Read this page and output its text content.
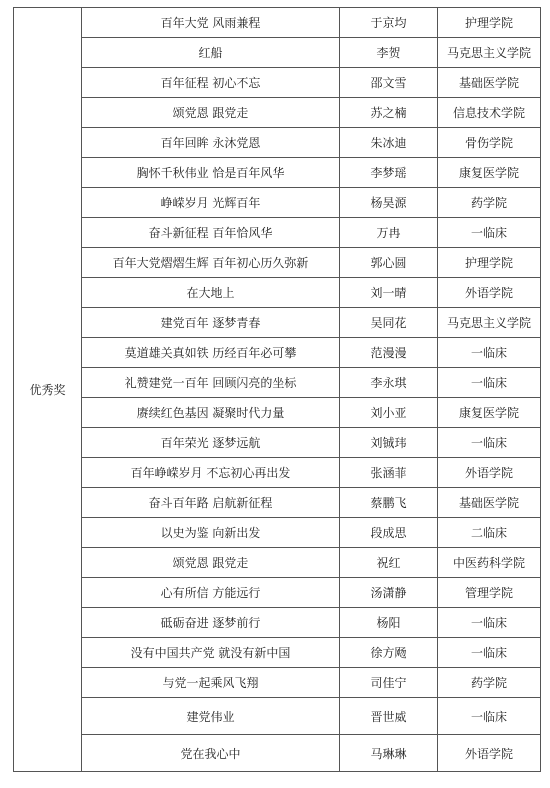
优秀奖	百年大党 风雨兼程	于京均	护理学院
	红船	李贺	马克思主义学院
	百年征程 初心不忘	邵文雪	基础医学院
	颂党恩 跟党走	苏之楠	信息技术学院
	百年回眸 永沐党恩	朱冰迪	骨伤学院
	胸怀千秋伟业 恰是百年风华	李梦瑶	康复医学院
	峥嵘岁月 光辉百年	杨昊源	药学院
	奋斗新征程 百年恰风华	万冉	一临床
	百年大党熠熠生辉 百年初心历久弥新	郭心圆	护理学院
	在大地上	刘一晴	外语学院
	建党百年 逐梦青春	吴同花	马克思主义学院
	莫道雄关真如铁 历经百年必可攀	范漫漫	一临床
	礼赞建党一百年 回顾闪亮的坐标	李永琪	一临床
	赓续红色基因 凝聚时代力量	刘小亚	康复医学院
	百年荣光 逐梦远航	刘铖玮	一临床
	百年峥嵘岁月 不忘初心再出发	张涵菲	外语学院
	奋斗百年路 启航新征程	蔡鹏飞	基础医学院
	以史为鉴 向新出发	段成思	二临床
	颂党恩 跟党走	祝红	中医药科学院
	心有所信 方能远行	汤潇静	管理学院
	砥砺奋进 逐梦前行	杨阳	一临床
	没有中国共产党 就没有新中国	徐方飏	一临床
	与党一起乘风飞翔	司佳宁	药学院
	建党伟业	晋世威	一临床
	党在我心中	马琳琳	外语学院
